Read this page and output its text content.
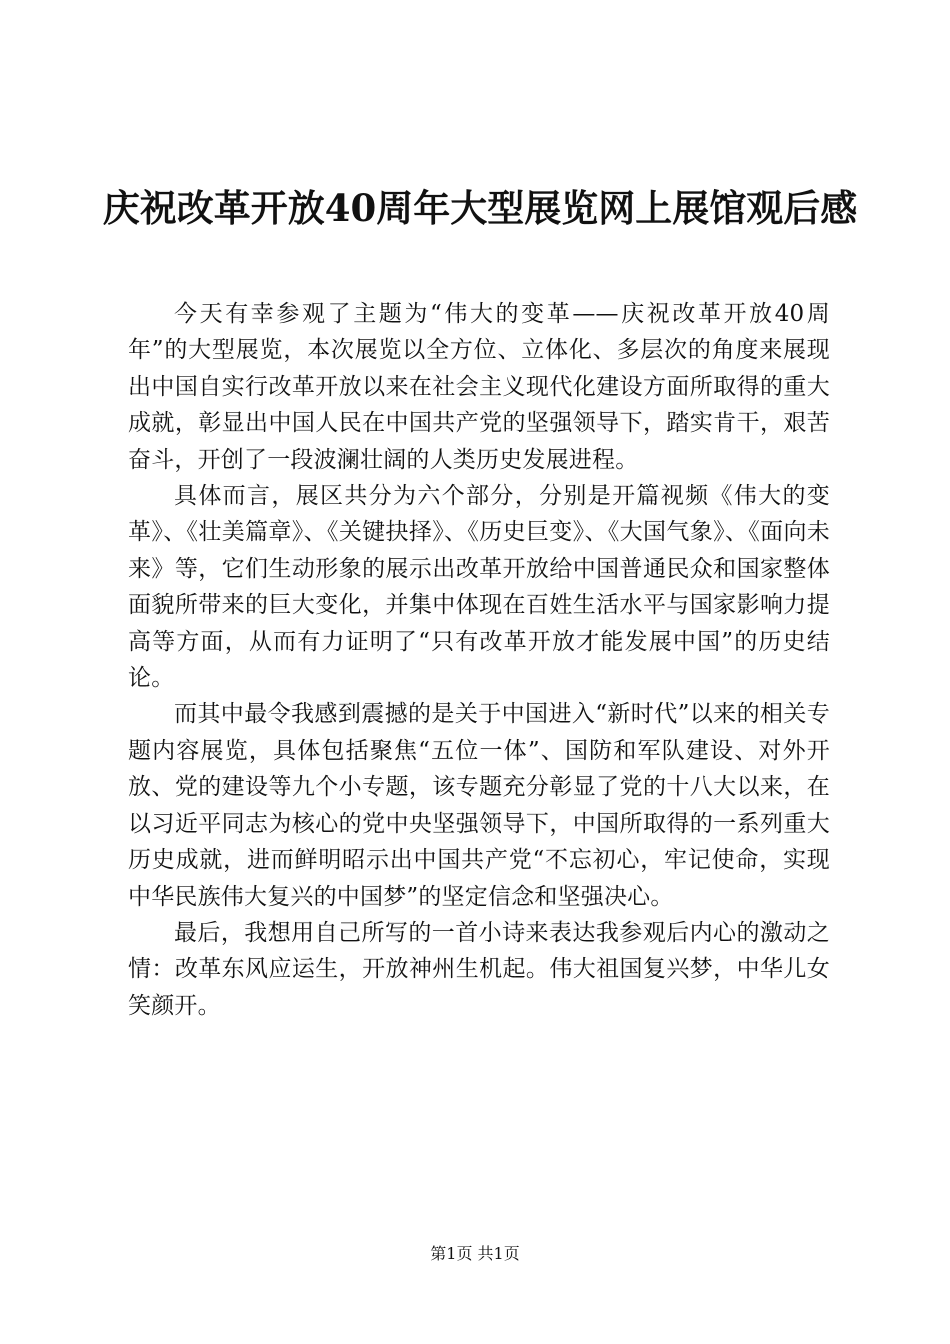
庆祝改革开放40周年大型展览网上展馆观后感

今天有幸参观了主题为“伟大的变革——庆祝改革开放40周年”的大型展览，本次展览以全方位、立体化、多层次的角度来展现出中国自实行改革开放以来在社会主义现代化建设方面所取得的重大成就，彰显出中国人民在中国共产党的坚强领导下，踏实肯干，艰苦奋斗，开创了一段波澜壮阔的人类历史发展进程。

具体而言，展区共分为六个部分，分别是开篇视频《伟大的变革》、《壮美篇章》、《关键抉择》、《历史巨变》、《大国气象》、《面向未来》等，它们生动形象的展示出改革开放给中国普通民众和国家整体面貌所带来的巨大变化，并集中体现在百姓生活水平与国家影响力提高等方面，从而有力证明了“只有改革开放才能发展中国”的历史结论。

而其中最令我感到震撼的是关于中国进入“新时代”以来的相关专题内容展览，具体包括聚焦“五位一体”、国防和军队建设、对外开放、党的建设等九个小专题，该专题充分彰显了党的十八大以来，在以习近平同志为核心的党中央坚强领导下，中国所取得的一系列重大历史成就，进而鲜明昭示出中国共产党“不忘初心，牢记使命，实现中华民族伟大复兴的中国梦”的坚定信念和坚强决心。

最后，我想用自己所写的一首小诗来表达我参观后内心的激动之情：改革东风应运生，开放神州生机起。伟大祖国复兴梦，中华儿女笑颜开。

第1页 共1页
